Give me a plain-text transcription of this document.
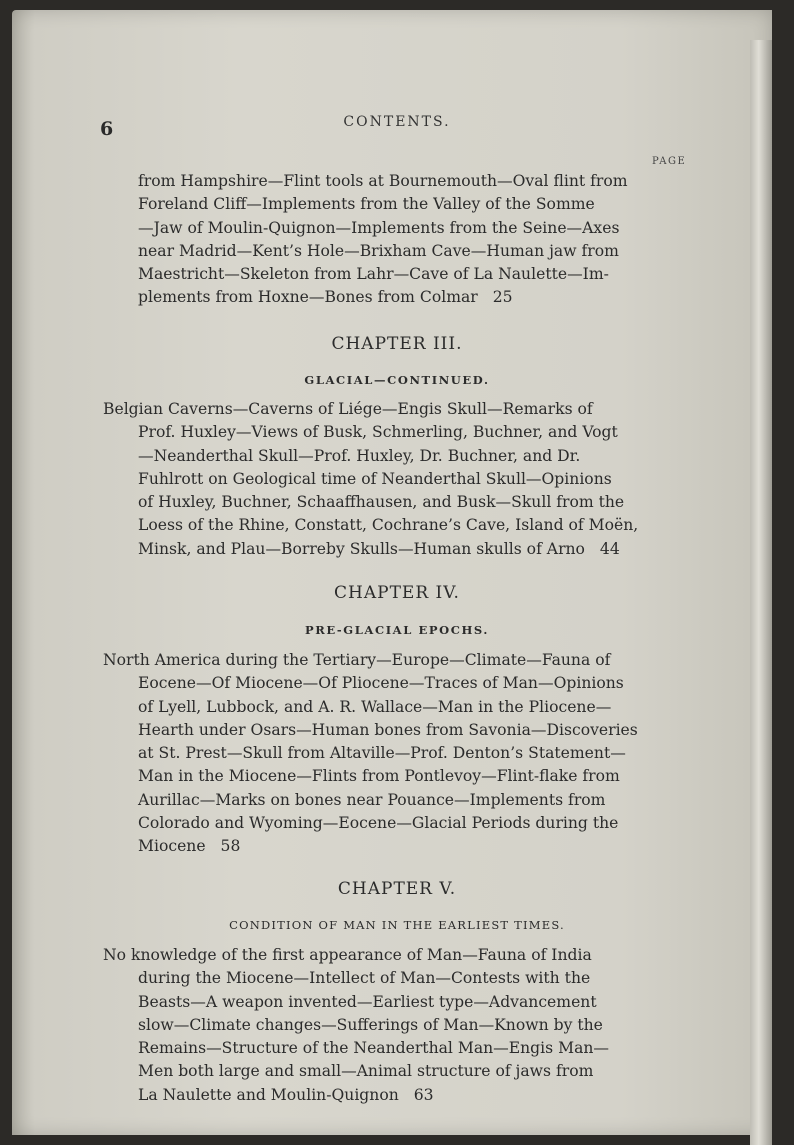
6	CONTENTS.
PAGE
from Hampshire—Flint tools at Bournemouth—Oval flint from
Foreland Cliff—Implements from the Valley of the Somme
—Jaw of Moulin-Quignon—Implements from the Seine—Axes
near Madrid—Kent’s Hole—Brixham Cave—Human jaw from
Maestricht—Skeleton from Lahr—Cave of La Naulette—Im-
plements from Hoxne—Bones from Colmar 25
CHAPTER III.
GLACIAL—CONTINUED.
Belgian Caverns—Caverns of Liége—Engis Skull—Remarks of
Prof. Huxley—Views of Busk, Schmerling, Buchner, and Vogt
—Neanderthal Skull—Prof. Huxley, Dr. Buchner, and Dr.
Fuhlrott on Geological time of Neanderthal Skull—Opinions
of Huxley, Buchner, Schaaffhausen, and Busk—Skull from the
Loess of the Rhine, Constatt, Cochrane’s Cave, Island of Moën,
Minsk, and Plau—Borreby Skulls—Human skulls of Arno 44
CHAPTER IV.
PRE-GLACIAL EPOCHS.
North America during the Tertiary—Europe—Climate—Fauna of
Eocene—Of Miocene—Of Pliocene—Traces of Man—Opinions
of Lyell, Lubbock, and A. R. Wallace—Man in the Pliocene—
Hearth under Osars—Human bones from Savonia—Discoveries
at St. Prest—Skull from Altaville—Prof. Denton’s Statement—
Man in the Miocene—Flints from Pontlevoy—Flint-flake from
Aurillac—Marks on bones near Pouance—Implements from
Colorado and Wyoming—Eocene—Glacial Periods during the
Miocene 58
CHAPTER V.
CONDITION OF MAN IN THE EARLIEST TIMES.
No knowledge of the first appearance of Man—Fauna of India
during the Miocene—Intellect of Man—Contests with the
Beasts—A weapon invented—Earliest type—Advancement
slow—Climate changes—Sufferings of Man—Known by the
Remains—Structure of the Neanderthal Man—Engis Man—
Men both large and small—Animal structure of jaws from
La Naulette and Moulin-Quignon 63
